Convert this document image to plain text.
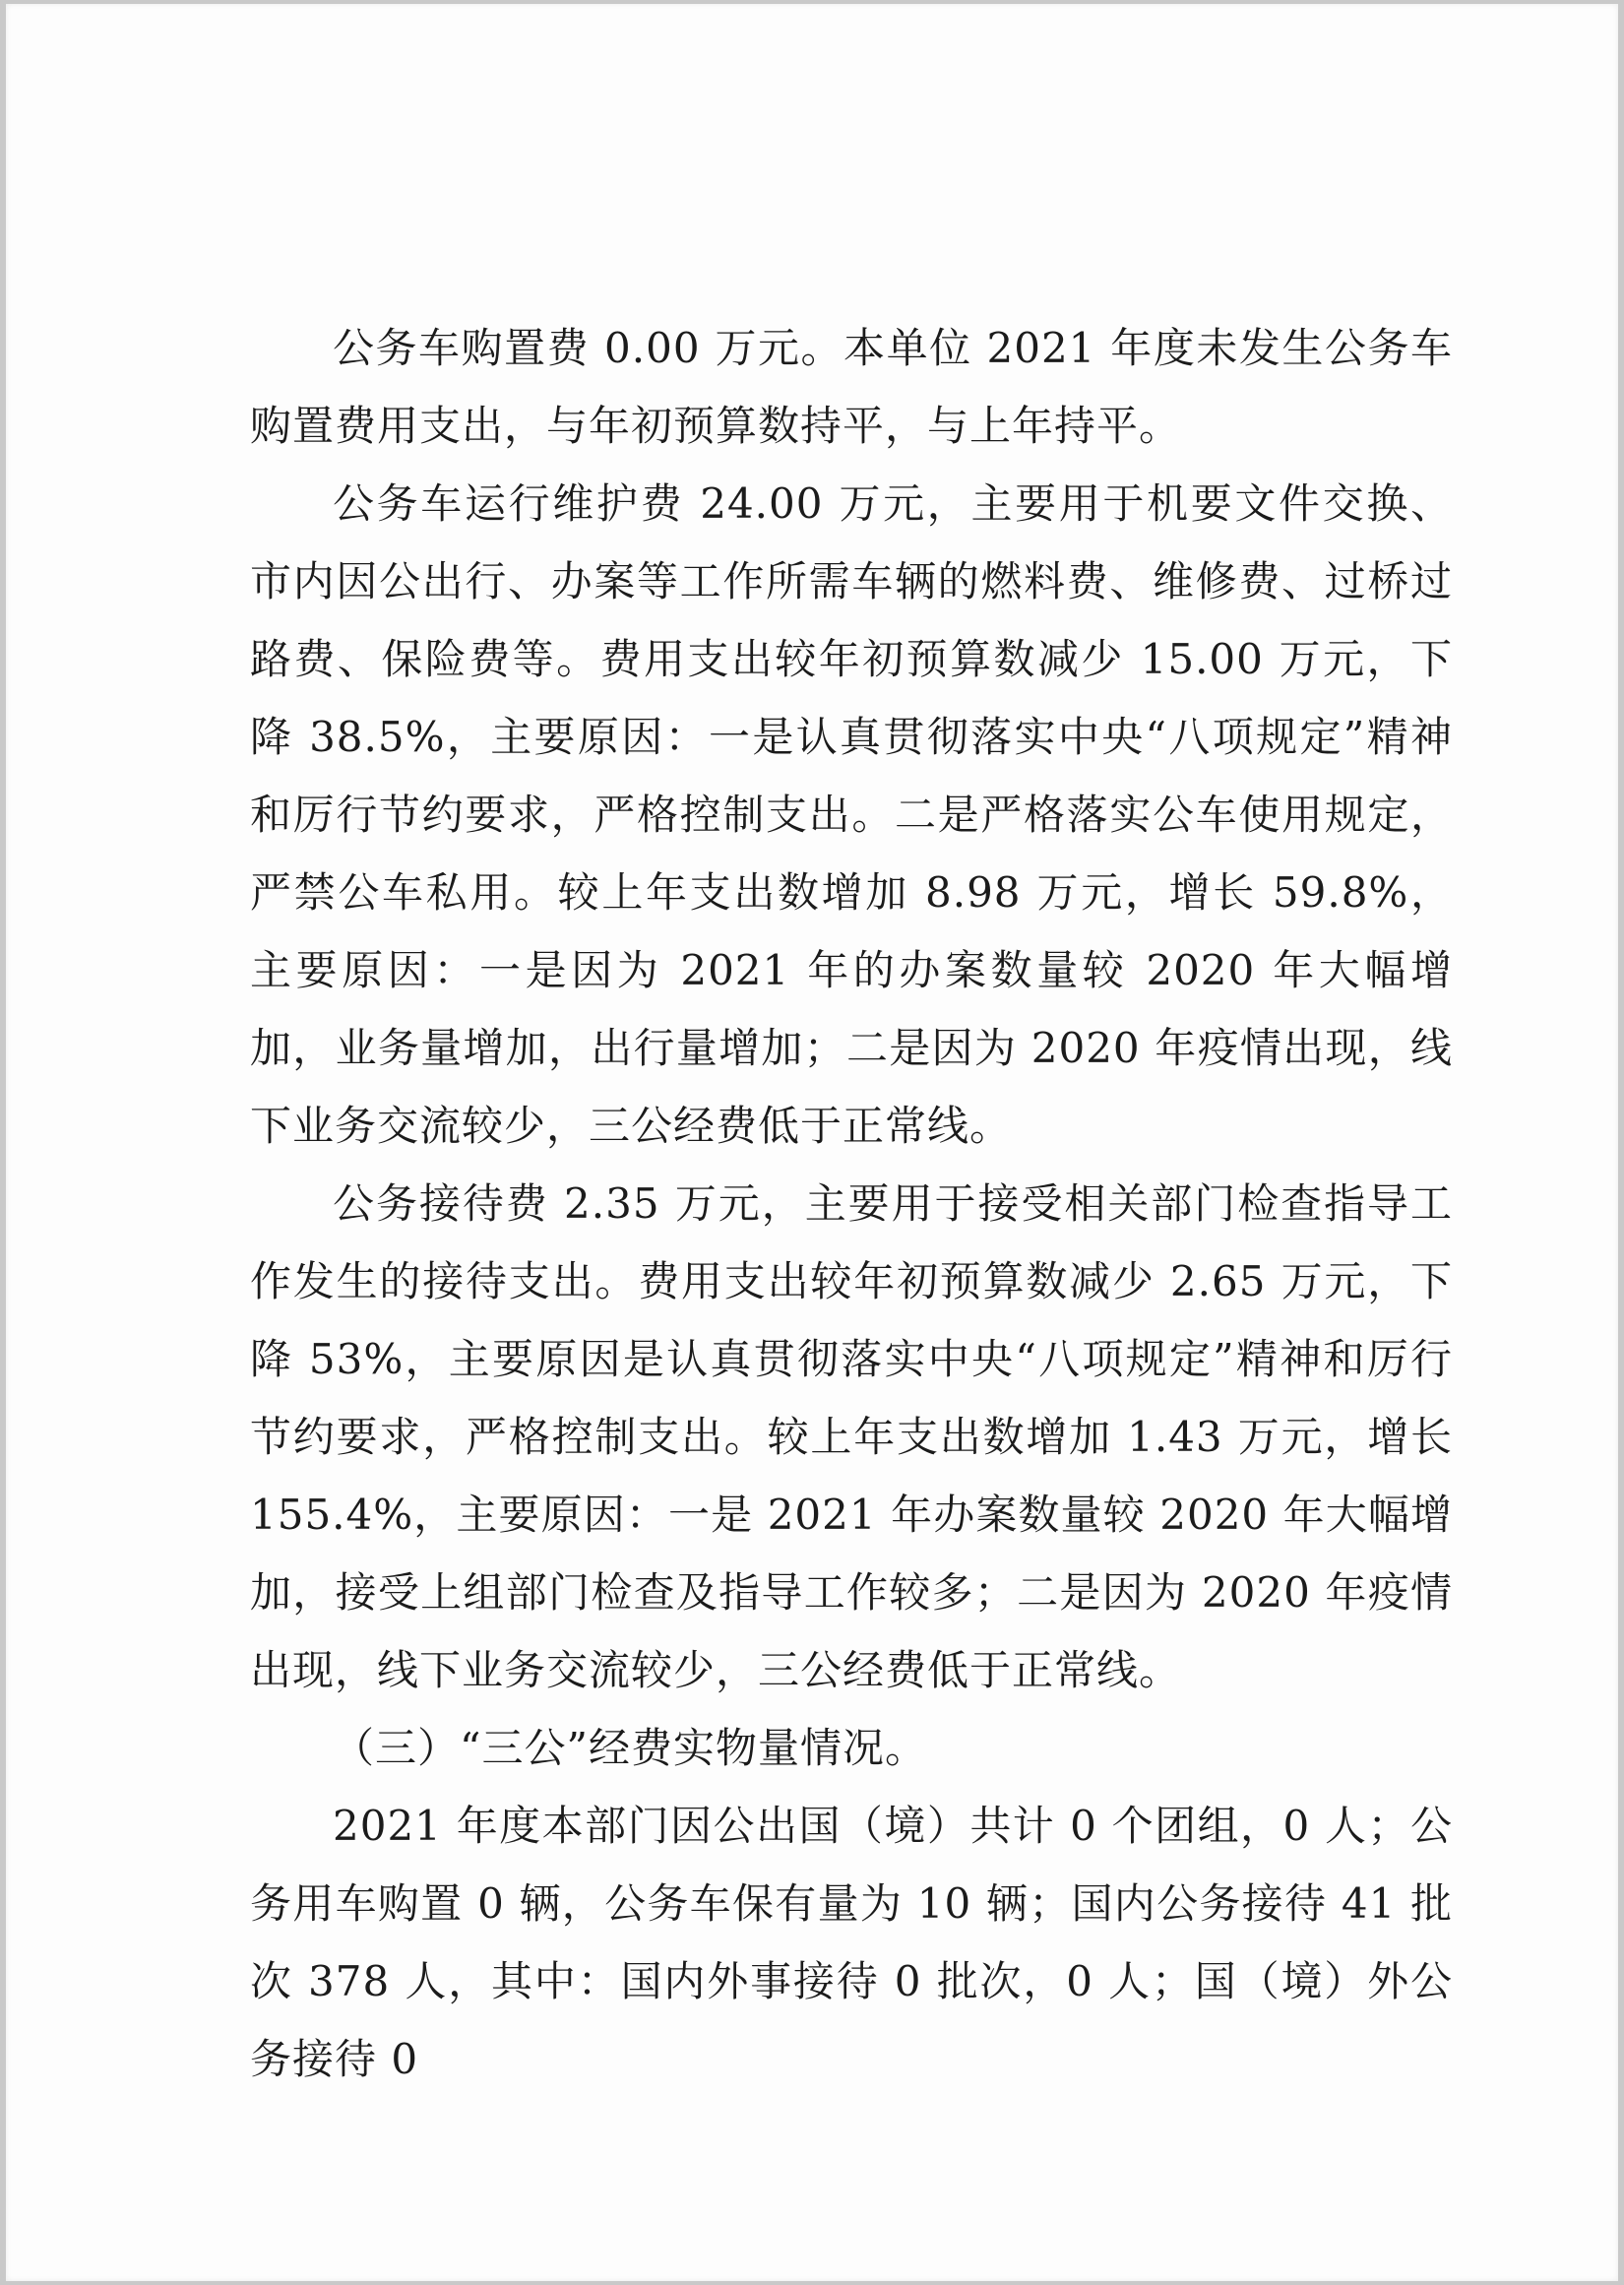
公务车购置费 0.00 万元。本单位 2021 年度未发生公务车购置费用支出，与年初预算数持平，与上年持平。

公务车运行维护费 24.00 万元，主要用于机要文件交换、市内因公出行、办案等工作所需车辆的燃料费、维修费、过桥过路费、保险费等。费用支出较年初预算数减少 15.00 万元，下降 38.5%，主要原因：一是认真贯彻落实中央“八项规定”精神和厉行节约要求，严格控制支出。二是严格落实公车使用规定，严禁公车私用。较上年支出数增加 8.98 万元，增长 59.8%，主要原因：一是因为 2021 年的办案数量较 2020 年大幅增加，业务量增加，出行量增加；二是因为 2020 年疫情出现，线下业务交流较少，三公经费低于正常线。

公务接待费 2.35 万元，主要用于接受相关部门检查指导工作发生的接待支出。费用支出较年初预算数减少 2.65 万元，下降 53%，主要原因是认真贯彻落实中央“八项规定”精神和厉行节约要求，严格控制支出。较上年支出数增加 1.43 万元，增长 155.4%，主要原因：一是 2021 年办案数量较 2020 年大幅增加，接受上组部门检查及指导工作较多；二是因为 2020 年疫情出现，线下业务交流较少，三公经费低于正常线。

（三）“三公”经费实物量情况。

2021 年度本部门因公出国（境）共计 0 个团组，0 人；公务用车购置 0 辆，公务车保有量为 10 辆；国内公务接待 41 批次 378 人，其中：国内外事接待 0 批次，0 人；国（境）外公务接待 0
